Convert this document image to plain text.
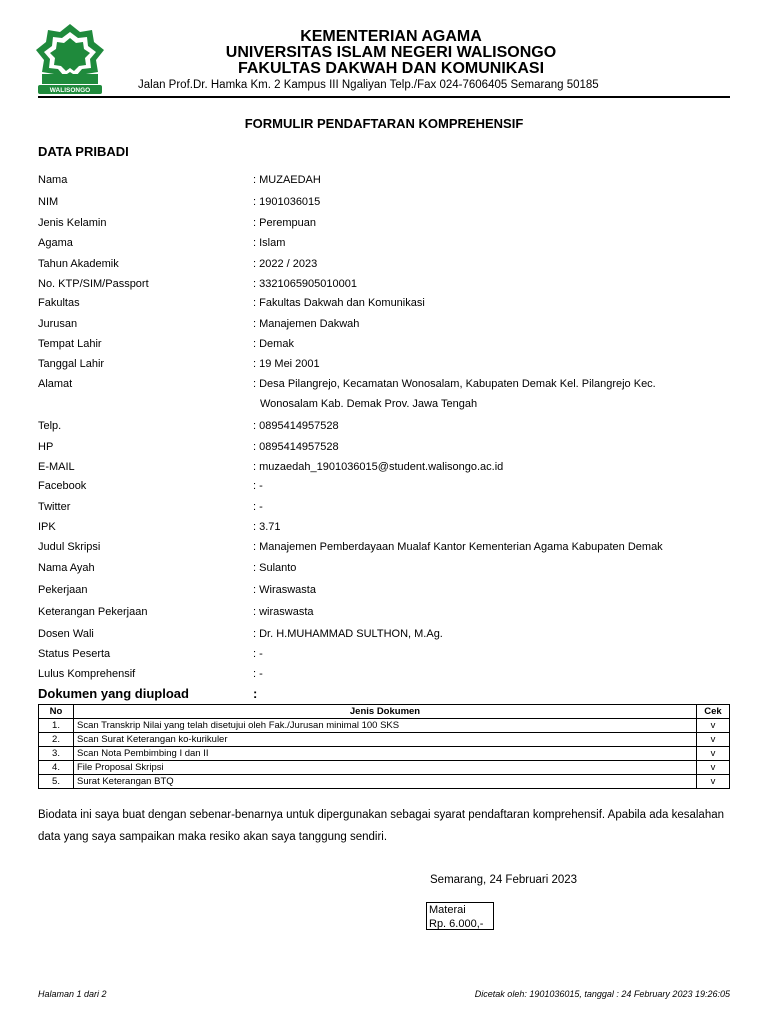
WALISONGO
KEMENTERIAN AGAMA
UNIVERSITAS ISLAM NEGERI WALISONGO
FAKULTAS DAKWAH DAN KOMUNIKASI
Jalan Prof.Dr. Hamka Km. 2 Kampus III Ngaliyan Telp./Fax 024-7606405 Semarang 50185
FORMULIR PENDAFTARAN KOMPREHENSIF
DATA PRIBADI
Nama	: MUZAEDAH
NIM	: 1901036015
Jenis Kelamin	: Perempuan
Agama	: Islam
Tahun Akademik	: 2022 / 2023
No. KTP/SIM/Passport	: 3321065905010001
Fakultas	: Fakultas Dakwah dan Komunikasi
Jurusan	: Manajemen Dakwah
Tempat Lahir	: Demak
Tanggal Lahir	: 19 Mei 2001
Alamat	: Desa Pilangrejo, Kecamatan Wonosalam, Kabupaten Demak Kel. Pilangrejo Kec.
Wonosalam Kab. Demak Prov. Jawa Tengah
Telp.	: 0895414957528
HP	: 0895414957528
E-MAIL	: muzaedah_1901036015@student.walisongo.ac.id
Facebook	: -
Twitter	: -
IPK	: 3.71
Judul Skripsi	: Manajemen Pemberdayaan Mualaf Kantor Kementerian Agama Kabupaten Demak
Nama Ayah	: Sulanto
Pekerjaan	: Wiraswasta
Keterangan Pekerjaan	: wiraswasta
Dosen Wali	: Dr. H.MUHAMMAD SULTHON, M.Ag.
Status Peserta	: -
Lulus Komprehensif	: -
Dokumen yang diupload	:
No	Jenis Dokumen	Cek
1.	Scan Transkrip Nilai yang telah disetujui oleh Fak./Jurusan minimal 100 SKS	v
2.	Scan Surat Keterangan ko-kurikuler	v
3.	Scan Nota Pembimbing I dan II	v
4.	File Proposal Skripsi	v
5.	Surat Keterangan BTQ	v
Biodata ini saya buat dengan sebenar-benarnya untuk dipergunakan sebagai syarat pendaftaran komprehensif. Apabila ada kesalahan data yang saya sampaikan maka resiko akan saya tanggung sendiri.
Semarang, 24 Februari 2023
Materai
Rp. 6.000,-
Halaman 1 dari 2	Dicetak oleh: 1901036015, tanggal : 24 February 2023 19:26:05
